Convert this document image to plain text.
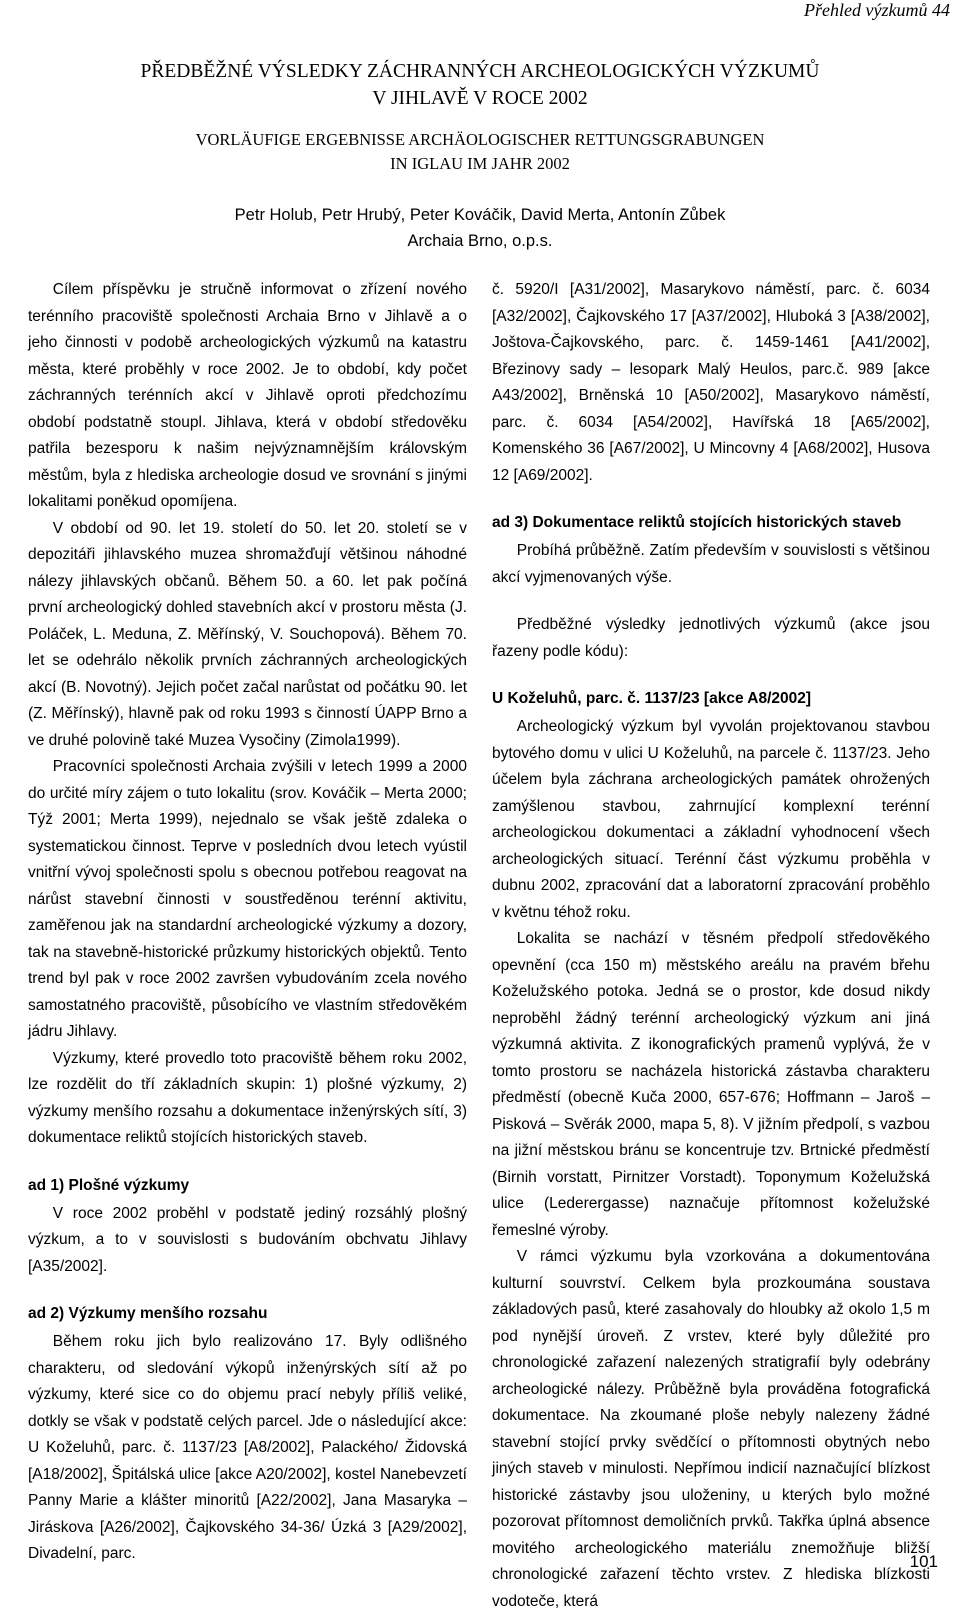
Přehled výzkumů 44
PŘEDBĚŽNÉ VÝSLEDKY ZÁCHRANNÝCH ARCHEOLOGICKÝCH VÝZKUMŮ
V JIHLAVĚ V ROCE 2002
VORLÄUFIGE ERGEBNISSE ARCHÄOLOGISCHER RETTUNGSGRABUNGEN
IN IGLAU IM JAHR 2002
Petr Holub, Petr Hrubý, Peter Kováčik, David Merta, Antonín Zůbek
Archaia Brno, o.p.s.

Cílem příspěvku je stručně informovat o zřízení nového terénního pracoviště společnosti Archaia Brno v Jihlavě a o jeho činnosti v podobě archeologických výzkumů na katastru města, které proběhly v roce 2002. Je to období, kdy počet záchranných terénních akcí v Jihlavě oproti předchozímu období podstatně stoupl. Jihlava, která v období středověku patřila bezesporu k našim nejvýznamnějším královským městům, byla z hlediska archeologie dosud ve srovnání s jinými lokalitami poněkud opomíjena.

V období od 90. let 19. století do 50. let 20. století se v depozitáři jihlavského muzea shromažďují většinou náhodné nálezy jihlavských občanů. Během 50. a 60. let pak počíná první archeologický dohled stavebních akcí v prostoru města (J. Poláček, L. Meduna, Z. Měřínský, V. Souchopová). Během 70. let se odehrálo několik prvních záchranných archeologických akcí (B. Novotný). Jejich počet začal narůstat od počátku 90. let (Z. Měřínský), hlavně pak od roku 1993 s činností ÚAPP Brno a ve druhé polovině také Muzea Vysočiny (Zimola1999).

Pracovníci společnosti Archaia zvýšili v letech 1999 a 2000 do určité míry zájem o tuto lokalitu (srov. Kováčik – Merta 2000; Týž 2001; Merta 1999), nejednalo se však ještě zdaleka o systematickou činnost. Teprve v posledních dvou letech vyústil vnitřní vývoj společnosti spolu s obecnou potřebou reagovat na nárůst stavební činnosti v soustředěnou terénní aktivitu, zaměřenou jak na standardní archeologické výzkumy a dozory, tak na stavebně-historické průzkumy historických objektů. Tento trend byl pak v roce 2002 završen vybudováním zcela nového samostatného pracoviště, působícího ve vlastním středověkém jádru Jihlavy.

Výzkumy, které provedlo toto pracoviště během roku 2002, lze rozdělit do tří základních skupin: 1) plošné výzkumy, 2) výzkumy menšího rozsahu a dokumentace inženýrských sítí, 3) dokumentace reliktů stojících historických staveb.

ad 1) Plošné výzkumy

V roce 2002 proběhl v podstatě jediný rozsáhlý plošný výzkum, a to v souvislosti s budováním obchvatu Jihlavy [A35/2002].

ad 2) Výzkumy menšího rozsahu

Během roku jich bylo realizováno 17. Byly odlišného charakteru, od sledování výkopů inženýrských sítí až po výzkumy, které sice co do objemu prací nebyly příliš veliké, dotkly se však v podstatě celých parcel. Jde o následující akce: U Koželuhů, parc. č. 1137/23 [A8/2002], Palackého/ Židovská [A18/2002], Špitálská ulice [akce A20/2002], kostel Nanebevzetí Panny Marie a klášter minoritů [A22/2002], Jana Masaryka – Jiráskova [A26/2002], Čajkovského 34-36/ Úzká 3 [A29/2002], Divadelní, parc.

č. 5920/I [A31/2002], Masarykovo náměstí, parc. č. 6034 [A32/2002], Čajkovského 17 [A37/2002], Hluboká 3 [A38/2002], Joštova-Čajkovského, parc. č. 1459-1461 [A41/2002], Březinovy sady – lesopark Malý Heulos, parc.č. 989 [akce A43/2002], Brněnská 10 [A50/2002], Masarykovo náměstí, parc. č. 6034 [A54/2002], Havířská 18 [A65/2002], Komenského 36 [A67/2002], U Mincovny 4 [A68/2002], Husova 12 [A69/2002].

ad 3) Dokumentace reliktů stojících historických staveb

Probíhá průběžně. Zatím především v souvislosti s většinou akcí vyjmenovaných výše.

Předběžné výsledky jednotlivých výzkumů (akce jsou řazeny podle kódu):

U Koželuhů, parc. č. 1137/23 [akce A8/2002]

Archeologický výzkum byl vyvolán projektovanou stavbou bytového domu v ulici U Koželuhů, na parcele č. 1137/23. Jeho účelem byla záchrana archeologických památek ohrožených zamýšlenou stavbou, zahrnující komplexní terénní archeologickou dokumentaci a základní vyhodnocení všech archeologických situací. Terénní část výzkumu proběhla v dubnu 2002, zpracování dat a laboratorní zpracování proběhlo v květnu téhož roku.

Lokalita se nachází v těsném předpolí středověkého opevnění (cca 150 m) městského areálu na pravém břehu Koželužského potoka. Jedná se o prostor, kde dosud nikdy neproběhl žádný terénní archeologický výzkum ani jiná výzkumná aktivita. Z ikonografických pramenů vyplývá, že v tomto prostoru se nacházela historická zástavba charakteru předměstí (obecně Kuča 2000, 657-676; Hoffmann – Jaroš – Pisková – Svěrák 2000, mapa 5, 8). V jižním předpolí, s vazbou na jižní městskou bránu se koncentruje tzv. Brtnické předměstí (Birnih vorstatt, Pirnitzer Vorstadt). Toponymum Koželužská ulice (Lederergasse) naznačuje přítomnost koželužské řemeslné výroby.

V rámci výzkumu byla vzorkována a dokumentována kulturní souvrství. Celkem byla prozkoumána soustava základových pasů, které zasahovaly do hloubky až okolo 1,5 m pod nynější úroveň. Z vrstev, které byly důležité pro chronologické zařazení nalezených stratigrafií byly odebrány archeologické nálezy. Průběžně byla prováděna fotografická dokumentace. Na zkoumané ploše nebyly nalezeny žádné stavební stojící prvky svědčící o přítomnosti obytných nebo jiných staveb v minulosti. Nepřímou indicií naznačující blízkost historické zástavby jsou uloženiny, u kterých bylo možné pozorovat přítomnost demoličních prvků. Takřka úplná absence movitého archeologického materiálu znemožňuje bližší chronologické zařazení těchto vrstev. Z hlediska blízkosti vodoteče, která

101
